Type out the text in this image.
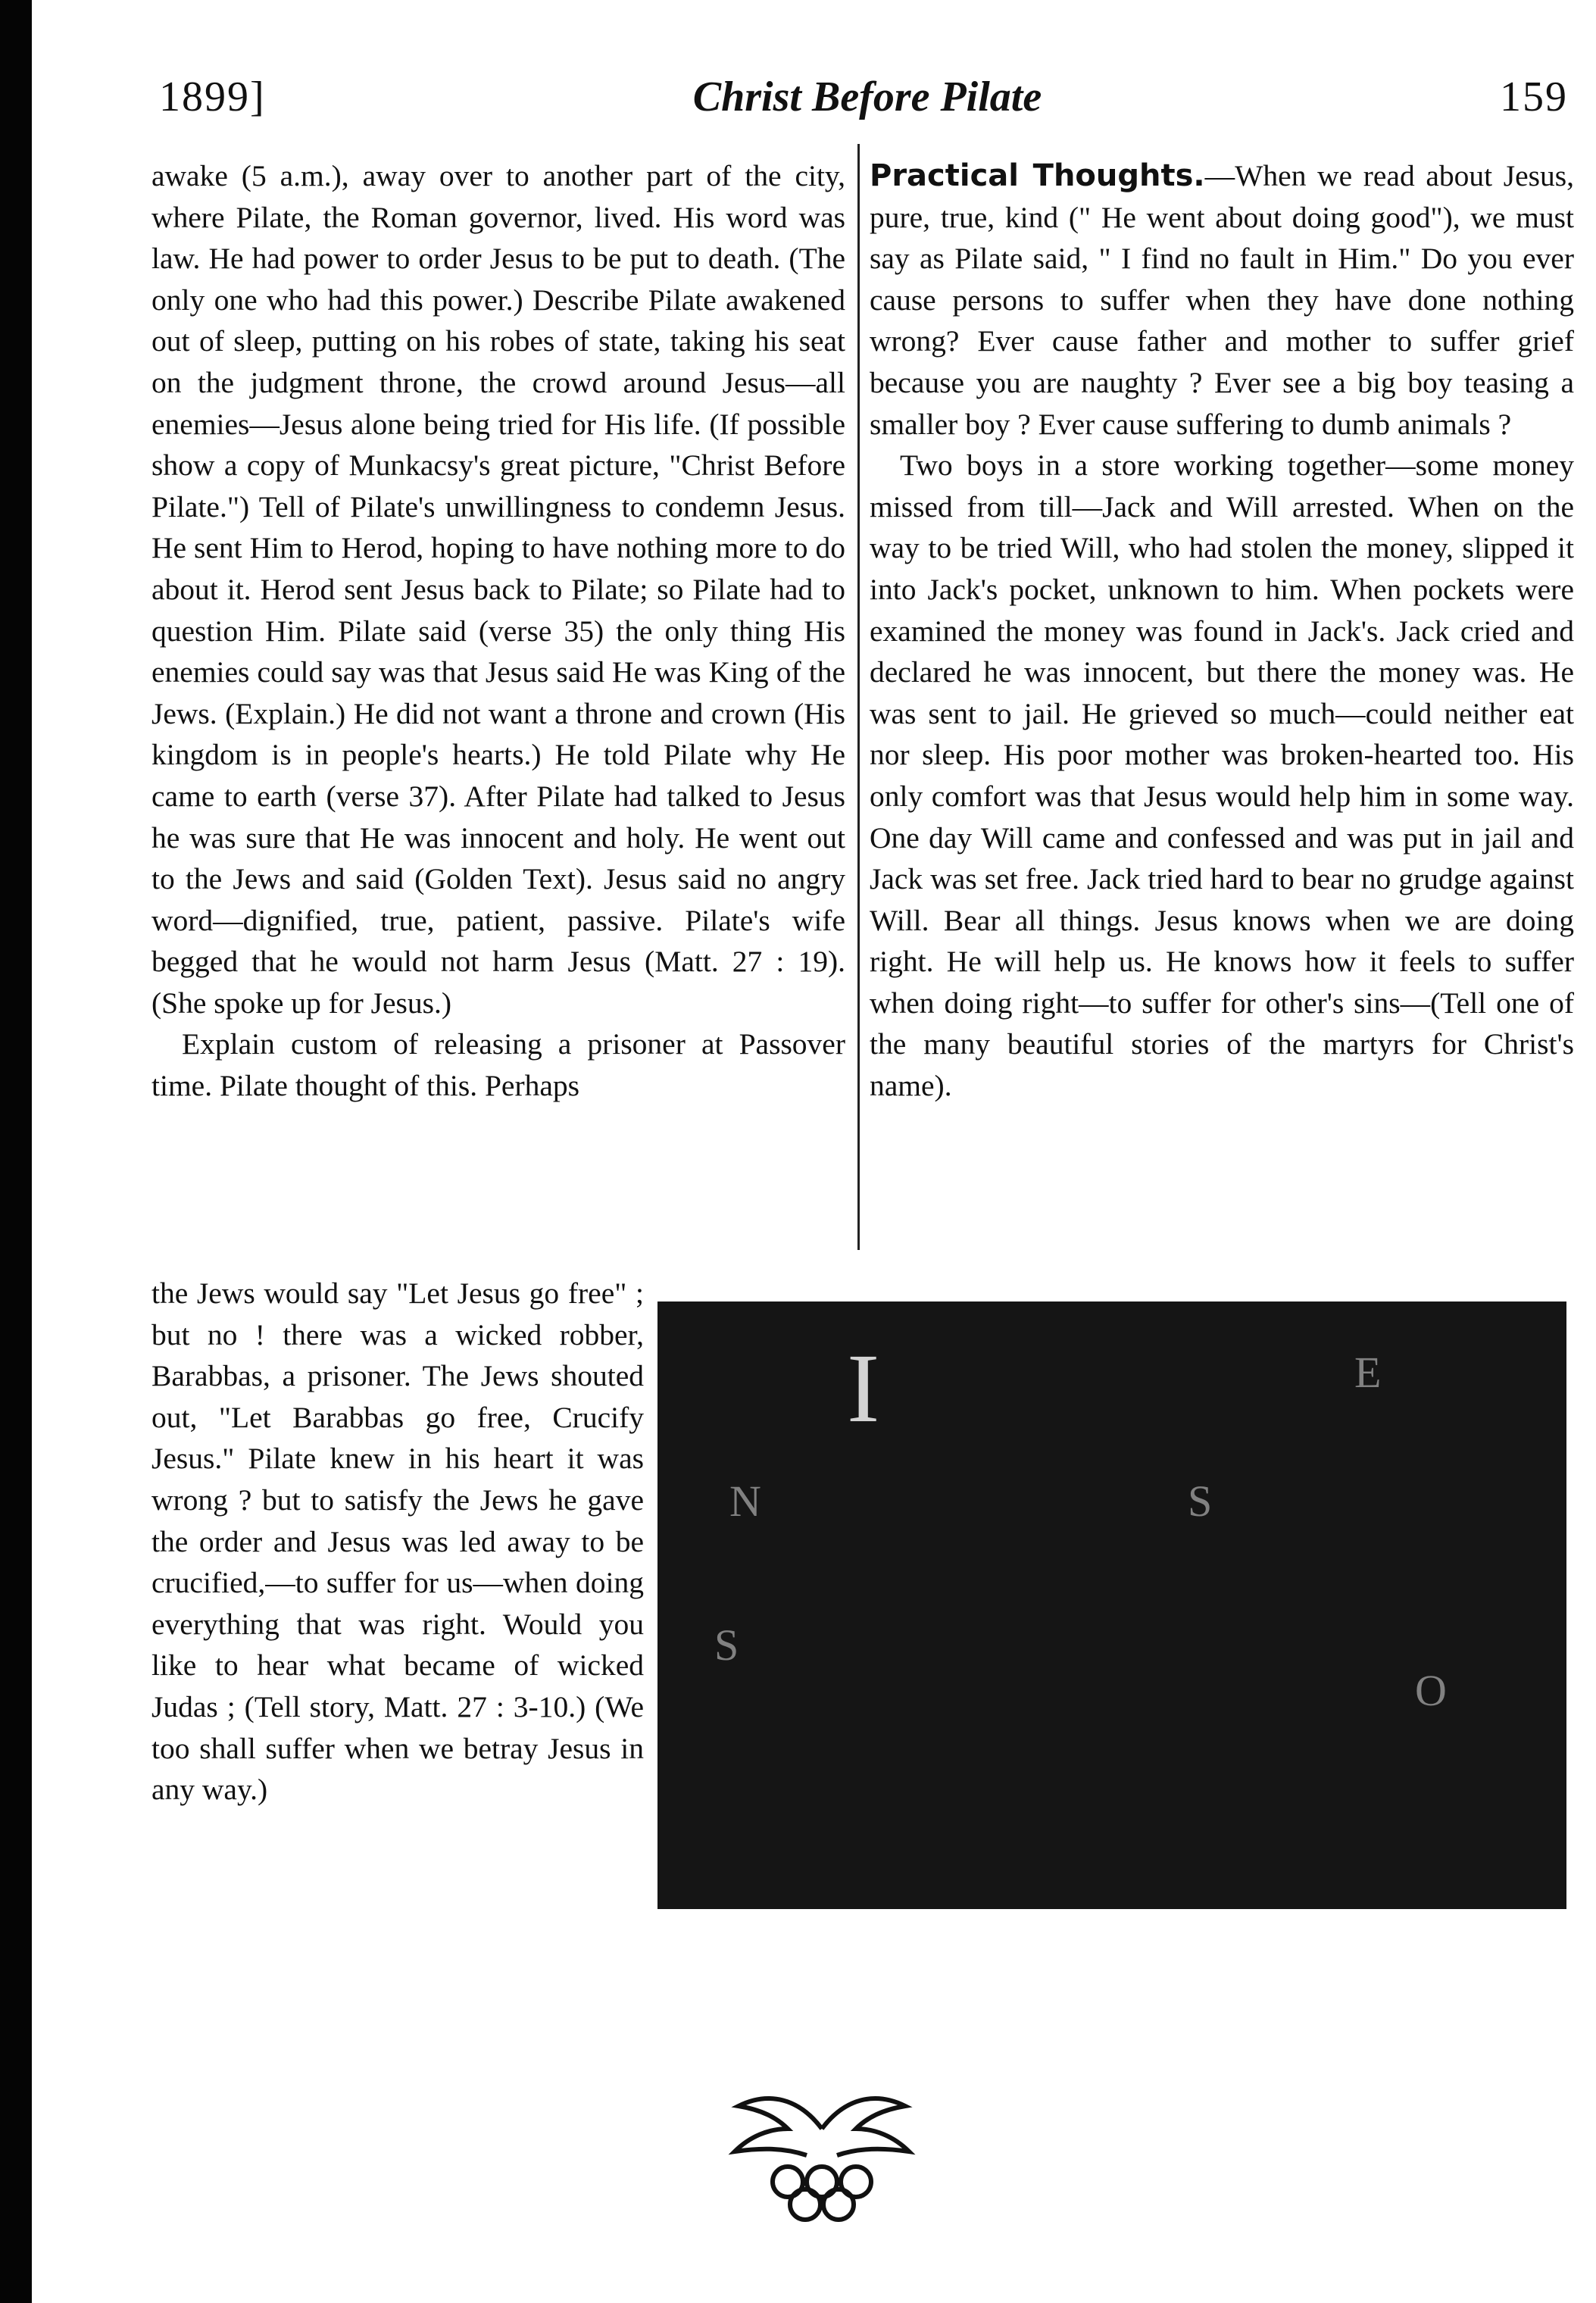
1899]	Christ Before Pilate	159

awake (5 a.m.), away over to another part of the city, where Pilate, the Roman governor, lived. His word was law. He had power to order Jesus to be put to death. (The only one who had this power.) Describe Pilate awakened out of sleep, putting on his robes of state, taking his seat on the judgment throne, the crowd around Jesus—all enemies—Jesus alone being tried for His life. (If possible show a copy of Munkacsy's great picture, "Christ Before Pilate.") Tell of Pilate's unwillingness to condemn Jesus. He sent Him to Herod, hoping to have nothing more to do about it. Herod sent Jesus back to Pilate; so Pilate had to question Him. Pilate said (verse 35) the only thing His enemies could say was that Jesus said He was King of the Jews. (Explain.) He did not want a throne and crown (His kingdom is in people's hearts.) He told Pilate why He came to earth (verse 37). After Pilate had talked to Jesus he was sure that He was innocent and holy. He went out to the Jews and said (Golden Text). Jesus said no angry word—dignified, true, patient, passive. Pilate's wife begged that he would not harm Jesus (Matt. 27 : 19). (She spoke up for Jesus.)

Explain custom of releasing a prisoner at Passover time. Pilate thought of this. Perhaps

the Jews would say "Let Jesus go free" ; but no ! there was a wicked robber, Barabbas, a prisoner. The Jews shouted out, "Let Barabbas go free, Crucify Jesus." Pilate knew in his heart it was wrong ? but to satisfy the Jews he gave the order and Jesus was led away to be crucified,—to suffer for us—when doing everything that was right. Would you like to hear what became of wicked Judas ; (Tell story, Matt. 27 : 3-10.) (We too shall suffer when we betray Jesus in any way.)

Practical Thoughts.—When we read about Jesus, pure, true, kind (" He went about doing good"), we must say as Pilate said, " I find no fault in Him." Do you ever cause persons to suffer when they have done nothing wrong? Ever cause father and mother to suffer grief because you are naughty ? Ever see a big boy teasing a smaller boy ? Ever cause suffering to dumb animals ?

Two boys in a store working together—some money missed from till—Jack and Will arrested. When on the way to be tried Will, who had stolen the money, slipped it into Jack's pocket, unknown to him. When pockets were examined the money was found in Jack's. Jack cried and declared he was innocent, but there the money was. He was sent to jail. He grieved so much—could neither eat nor sleep. His poor mother was broken-hearted too. His only comfort was that Jesus would help him in some way. One day Will came and confessed and was put in jail and Jack was set free. Jack tried hard to bear no grudge against Will. Bear all things. Jesus knows when we are doing right. He will help us. He knows how it feels to suffer when doing right—to suffer for other's sins—(Tell one of the many beautiful stories of the martyrs for Christ's name).

I	E
N	S
S
O
